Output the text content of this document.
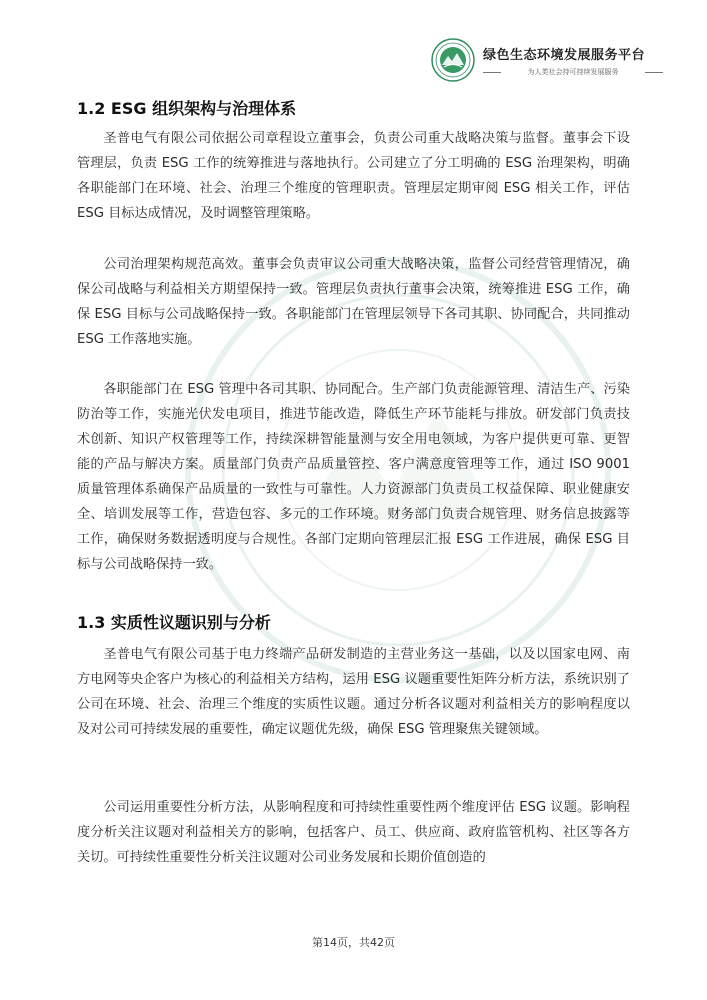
绿色生态环境发展服务平台
为人类社会持可持续发展服务
1.2 ESG 组织架构与治理体系

圣普电气有限公司依据公司章程设立董事会，负责公司重大战略决策与监督。董事会下设管理层，负责 ESG 工作的统筹推进与落地执行。公司建立了分工明确的 ESG 治理架构，明确各职能部门在环境、社会、治理三个维度的管理职责。管理层定期审阅 ESG 相关工作，评估 ESG 目标达成情况，及时调整管理策略。

公司治理架构规范高效。董事会负责审议公司重大战略决策，监督公司经营管理情况，确保公司战略与利益相关方期望保持一致。管理层负责执行董事会决策，统筹推进 ESG 工作，确保 ESG 目标与公司战略保持一致。各职能部门在管理层领导下各司其职、协同配合，共同推动 ESG 工作落地实施。

各职能部门在 ESG 管理中各司其职、协同配合。生产部门负责能源管理、清洁生产、污染防治等工作，实施光伏发电项目，推进节能改造，降低生产环节能耗与排放。研发部门负责技术创新、知识产权管理等工作，持续深耕智能量测与安全用电领域，为客户提供更可靠、更智能的产品与解决方案。质量部门负责产品质量管控、客户满意度管理等工作，通过 ISO 9001 质量管理体系确保产品质量的一致性与可靠性。人力资源部门负责员工权益保障、职业健康安全、培训发展等工作，营造包容、多元的工作环境。财务部门负责合规管理、财务信息披露等工作，确保财务数据透明度与合规性。各部门定期向管理层汇报 ESG 工作进展，确保 ESG 目标与公司战略保持一致。

1.3 实质性议题识别与分析

圣普电气有限公司基于电力终端产品研发制造的主营业务这一基础，以及以国家电网、南方电网等央企客户为核心的利益相关方结构，运用 ESG 议题重要性矩阵分析方法，系统识别了公司在环境、社会、治理三个维度的实质性议题。通过分析各议题对利益相关方的影响程度以及对公司可持续发展的重要性，确定议题优先级，确保 ESG 管理聚焦关键领域。

公司运用重要性分析方法，从影响程度和可持续性重要性两个维度评估 ESG 议题。影响程度分析关注议题对利益相关方的影响，包括客户、员工、供应商、政府监管机构、社区等各方关切。可持续性重要性分析关注议题对公司业务发展和长期价值创造的

第14页，共42页
